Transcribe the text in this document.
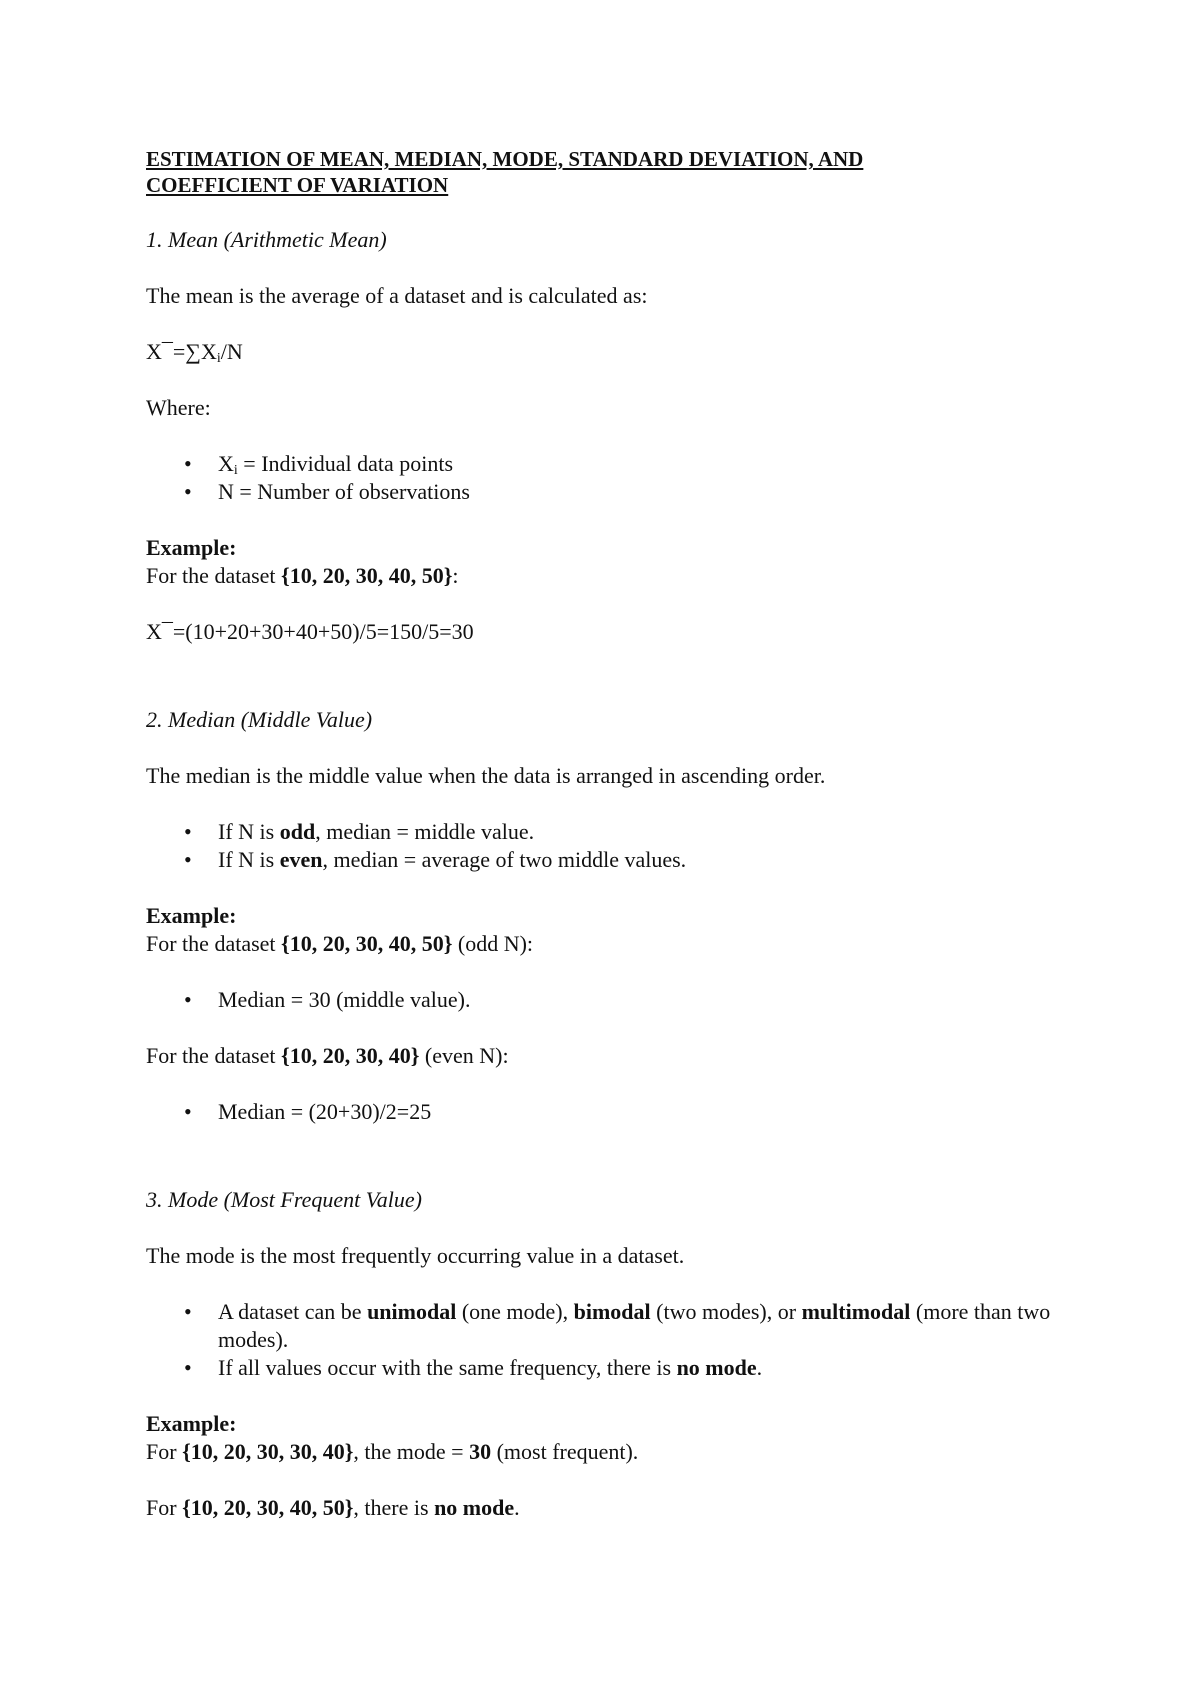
ESTIMATION OF MEAN, MEDIAN, MODE, STANDARD DEVIATION, AND
COEFFICIENT OF VARIATION

1. Mean (Arithmetic Mean)

The mean is the average of a dataset and is calculated as:

$X¯=\sum X_i/N$

Where:

• $X_i$ = Individual data points
• N = Number of observations

Example:

For the dataset {10, 20, 30, 40, 50}:

X¯=(10+20+30+40+50)/5=150/5=30

2. Median (Middle Value)

The median is the middle value when the data is arranged in ascending order.

• If N is odd, median = middle value.
• If N is even, median = average of two middle values.

Example:

For the dataset {10, 20, 30, 40, 50} (odd N):

• Median = 30 (middle value).

For the dataset {10, 20, 30, 40} (even N):

• Median = (20+30)/2=25

3. Mode (Most Frequent Value)

The mode is the most frequently occurring value in a dataset.

• A dataset can be unimodal (one mode), bimodal (two modes), or multimodal (more than two modes).
• If all values occur with the same frequency, there is no mode.

Example:

For {10, 20, 30, 30, 40}, the mode = 30 (most frequent).

For {10, 20, 30, 40, 50}, there is no mode.
